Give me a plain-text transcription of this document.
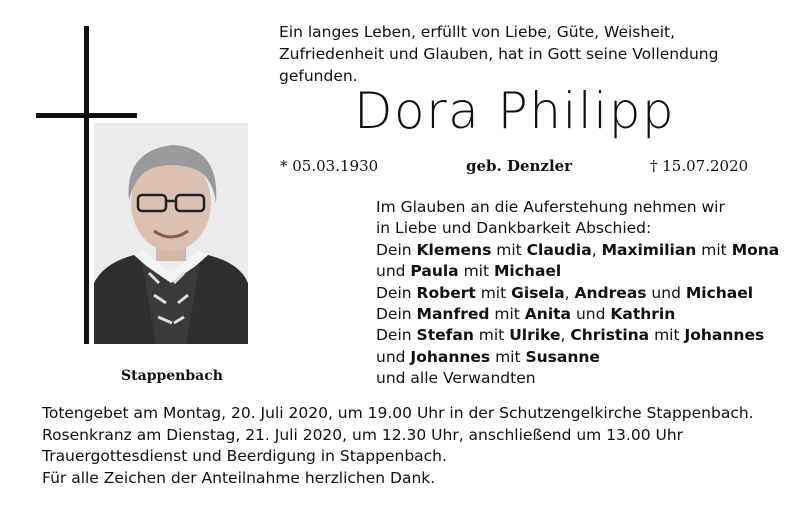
Stappenbach

Ein langes Leben, erfüllt von Liebe, Güte, Weisheit,
Zufriedenheit und Glauben, hat in Gott seine Vollendung
gefunden.

Dora Philipp
* 05.03.1930	geb. Denzler	† 15.07.2020
Im Glauben an die Auferstehung nehmen wir
in Liebe und Dankbarkeit Abschied:
Dein Klemens mit Claudia, Maximilian mit Mona
und Paula mit Michael
Dein Robert mit Gisela, Andreas und Michael
Dein Manfred mit Anita und Kathrin
Dein Stefan mit Ulrike, Christina mit Johannes
und Johannes mit Susanne
und alle Verwandten
Totengebet am Montag, 20. Juli 2020, um 19.00 Uhr in der Schutzengelkirche Stappenbach.
Rosenkranz am Dienstag, 21. Juli 2020, um 12.30 Uhr, anschließend um 13.00 Uhr
Trauergottesdienst und Beerdigung in Stappenbach.
Für alle Zeichen der Anteilnahme herzlichen Dank.
